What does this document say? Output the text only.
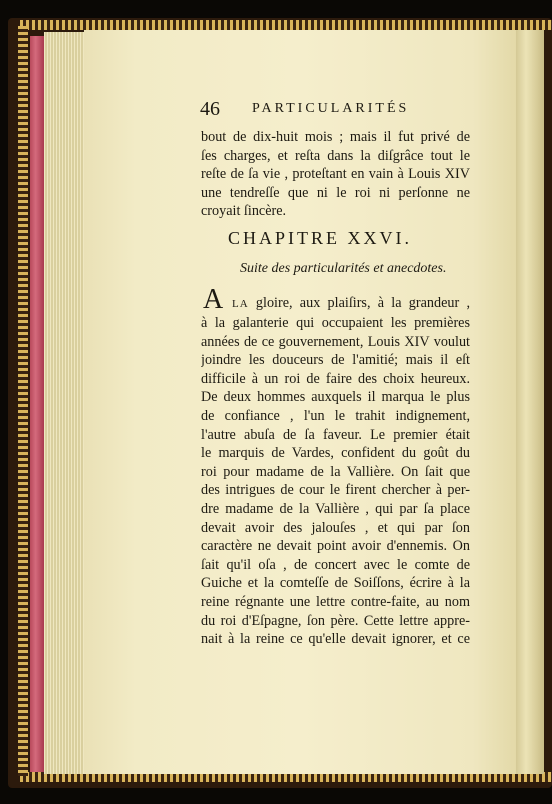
46 PARTICULARITÉS
bout de dix-huit mois ; mais il fut privé de
ſes charges, et reſta dans la diſgrâce tout le
reſte de ſa vie , proteſtant en vain à Louis XIV
une tendreſſe que ni le roi ni perſonne ne
croyait ſincère.
CHAPITRE XXVI.
Suite des particularités et anecdotes.
A LA gloire, aux plaiſirs, à la grandeur ,
à la galanterie qui occupaient les premières
années de ce gouvernement, Louis XIV voulut
joindre les douceurs de l'amitié; mais il eſt
difficile à un roi de faire des choix heureux.
De deux hommes auxquels il marqua le plus
de confiance , l'un le trahit indignement,
l'autre abuſa de ſa faveur. Le premier était
le marquis de Vardes, confident du goût du
roi pour madame de la Vallière. On ſait que
des intrigues de cour le firent chercher à per-
dre madame de la Vallière , qui par ſa place
devait avoir des jalouſes , et qui par ſon
caractère ne devait point avoir d'ennemis. On
ſait qu'il oſa , de concert avec le comte de
Guiche et la comteſſe de Soiſſons, écrire à la
reine régnante une lettre contre-faite, au nom
du roi d'Eſpagne, ſon père. Cette lettre appre-
nait à la reine ce qu'elle devait ignorer, et ce
